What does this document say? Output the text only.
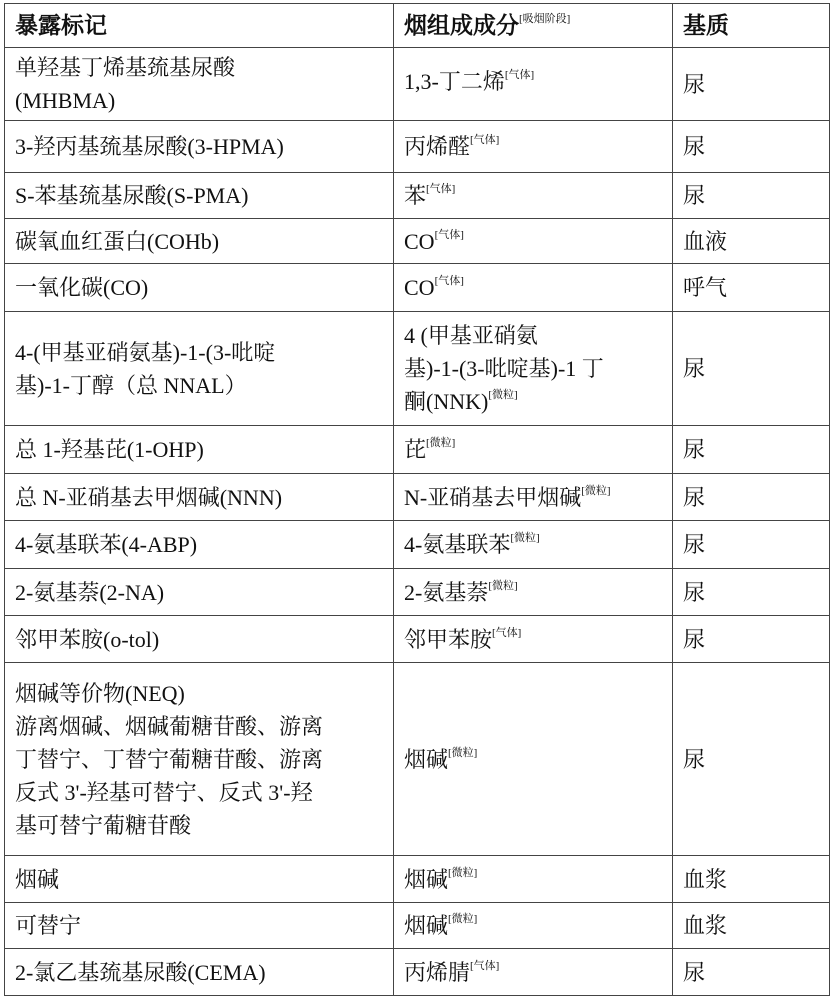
暴露标记	烟组成成分[吸烟阶段]	基质
单羟基丁烯基巯基尿酸
(MHBMA)	1,3-丁二烯[气体]	尿
3-羟丙基巯基尿酸(3-HPMA)	丙烯醛[气体]	尿
S-苯基巯基尿酸(S-PMA)	苯[气体]	尿
碳氧血红蛋白(COHb)	CO[气体]	血液
一氧化碳(CO)	CO[气体]	呼气
4-(甲基亚硝氨基)-1-(3-吡啶
基)-1-丁醇（总 NNAL）	4 (甲基亚硝氨
基)-1-(3-吡啶基)-1 丁
酮(NNK)[微粒]	尿
总 1-羟基芘(1-OHP)	芘[微粒]	尿
总 N-亚硝基去甲烟碱(NNN)	N-亚硝基去甲烟碱[微粒]	尿
4-氨基联苯(4-ABP)	4-氨基联苯[微粒]	尿
2-氨基萘(2-NA)	2-氨基萘[微粒]	尿
邻甲苯胺(o-tol)	邻甲苯胺[气体]	尿
烟碱等价物(NEQ)
游离烟碱、烟碱葡糖苷酸、游离
丁替宁、丁替宁葡糖苷酸、游离
反式 3'-羟基可替宁、反式 3'-羟
基可替宁葡糖苷酸	烟碱[微粒]	尿
烟碱	烟碱[微粒]	血浆
可替宁	烟碱[微粒]	血浆
2-氯乙基巯基尿酸(CEMA)	丙烯腈[气体]	尿
